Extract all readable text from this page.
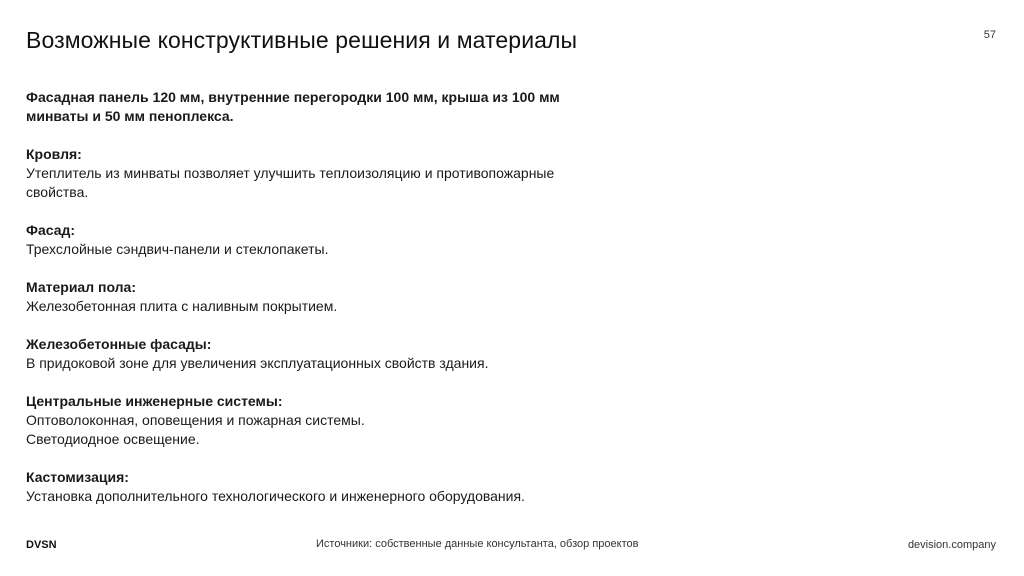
Возможные конструктивные решения и материалы	57

Фасадная панель 120 мм, внутренние перегородки 100 мм, крыша из 100 мм
минваты и 50 мм пеноплекса.

Кровля:
Утеплитель из минваты позволяет улучшить теплоизоляцию и противопожарные
свойства.
Фасад:
Трехслойные сэндвич-панели и стеклопакеты.
Материал пола:
Железобетонная плита с наливным покрытием.
Железобетонные фасады:
В придоковой зоне для увеличения эксплуатационных свойств здания.
Центральные инженерные системы:
Оптоволоконная, оповещения и пожарная системы.
Светодиодное освещение.
Кастомизация:
Установка дополнительного технологического и инженерного оборудования.
DVSN	Источники: собственные данные консультанта, обзор проектов	devision.company
